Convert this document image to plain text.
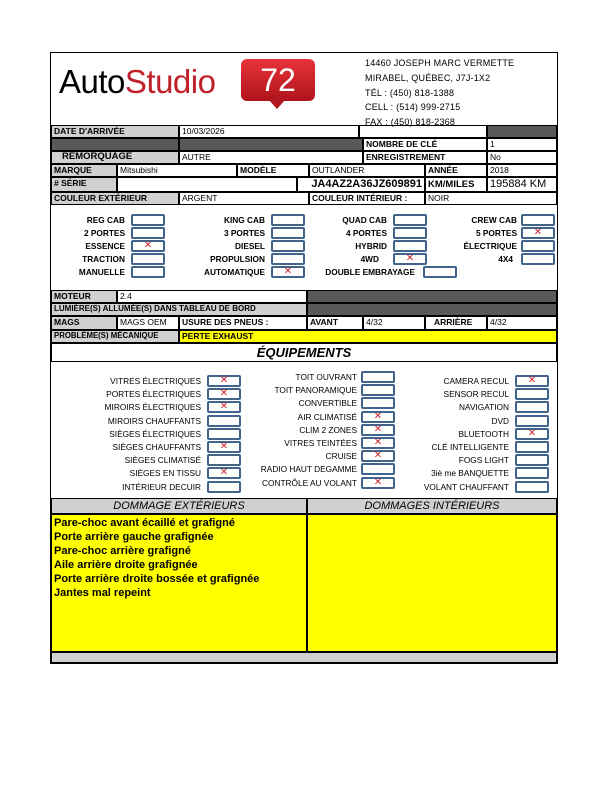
AutoStudio	72	14460 JOSEPH MARC VERMETTE
MIRABEL, QUÉBEC, J7J-1X2
TÉL : (450) 818-1388
CELL : (514) 999-2715
FAX : (450) 818-2368
DATE D'ARRIVÉE	10/03/2026
NOMBRE DE CLÉ	1
REMORQUAGE	AUTRE	ENREGISTREMENT	No
MARQUE	Mitsubishi	MODÈLE	OUTLANDER	ANNÉE	2018
# SÉRIE	JA4AZ2A36JZ609891 KM/MILES	195884 KM
COULEUR EXTÉRIEUR	ARGENT	COULEUR INTÉRIEUR :	NOIR
REG CAB	KING CAB	QUAD CAB	CREW CAB
2 PORTES	3 PORTES	4 PORTES	5 PORTES	✕
ESSENCE	✕	DIESEL	HYBRID	ÉLECTRIQUE
TRACTION	PROPULSION	4WD	✕	4X4
MANUELLE	AUTOMATIQUE	✕	DOUBLE EMBRAYAGE
MOTEUR	2.4
LUMIÈRE(S) ALLUMÉE(S) DANS TABLEAU DE BORD
MAGS	MAGS OEM	USURE DES PNEUS :	AVANT	4/32	ARRIÈRE	4/32
PROBLÈME(S) MÉCANIQUE	PERTE EXHAUST
ÉQUIPEMENTS
VITRES ÉLECTRIQUES	✕
PORTES ÉLECTRIQUES	✕
MIROIRS ÉLECTRIQUES	✕
MIROIRS CHAUFFANTS
SIÈGES ÉLECTRIQUES
SIÈGES CHAUFFANTS	✕
SIÈGES CLIMATISÉ
SIÈGES EN TISSU	✕
INTÉRIEUR DECUIR
TOIT OUVRANT
TOIT PANORAMIQUE
CONVERTIBLE
AIR CLIMATISÉ	✕
CLIM 2 ZONES	✕
VITRES TEINTÉES	✕
CRUISE	✕
RADIO HAUT DEGAMME
CONTRÔLE AU VOLANT	✕
CAMERA RECUL	✕
SENSOR RECUL
NAVIGATION
DVD
BLUETOOTH	✕
CLÉ INTELLIGENTE
FOGS LIGHT
3iè me BANQUETTE
VOLANT CHAUFFANT
DOMMAGE EXTÉRIEURS	DOMMAGES INTÉRIEURS
Pare-choc avant écaillé et grafigné
Porte arrière gauche grafignée
Pare-choc arrière grafigné
Aile arrière droite grafignée
Porte arrière droite bossée et grafignée
Jantes mal repeint
